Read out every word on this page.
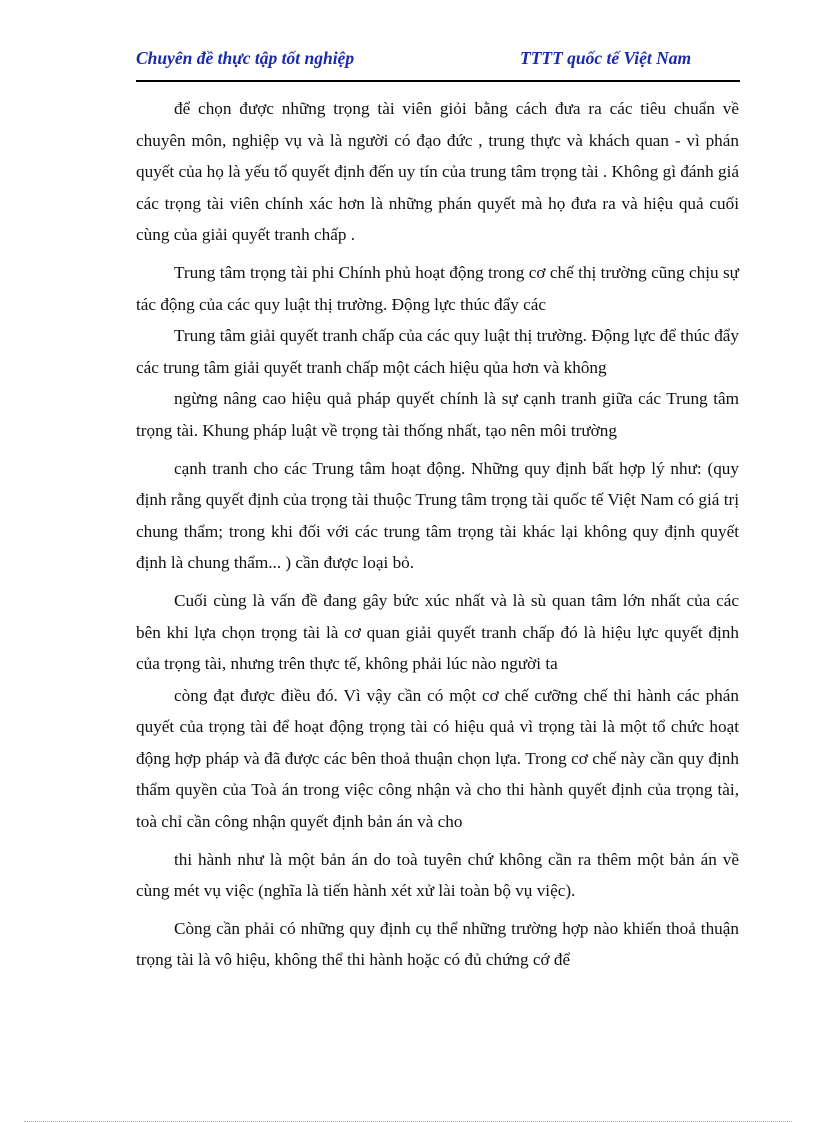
Chuyên đề thực tập tốt nghiệp	TTTT quốc tế Việt Nam

để chọn được những trọng tài viên giỏi bằng cách đưa ra các tiêu chuẩn về chuyên môn, nghiệp vụ và là người có đạo đức , trung thực và khách quan - vì phán quyết của họ là yếu tố quyết định đến uy tín của trung tâm trọng tài . Không gì đánh giá các trọng tài viên chính xác hơn là những phán quyết mà họ đưa ra và hiệu quả cuối cùng của giải quyết tranh chấp .

Trung tâm trọng tài phi Chính phủ hoạt động trong cơ chế thị trường cũng chịu sự tác động của các quy luật thị trường. Động lực thúc đẩy các

Trung tâm giải quyết tranh chấp của các quy luật thị trường. Động lực để thúc đẩy các trung tâm giải quyết tranh chấp một cách hiệu qủa hơn và không

ngừng nâng cao hiệu quả pháp quyết chính là sự cạnh tranh giữa các Trung tâm trọng tài. Khung pháp luật về trọng tài thống nhất, tạo nên môi trường

cạnh tranh cho các Trung tâm hoạt động. Những quy định bất hợp lý như: (quy định rằng quyết định của trọng tài thuộc Trung tâm trọng tài quốc tế Việt Nam có giá trị chung thẩm; trong khi đối với các trung tâm trọng tài khác lại không quy định quyết định là chung thẩm... ) cần được loại bỏ.

Cuối cùng là vấn đề đang gây bức xúc nhất và là sù quan tâm lớn nhất của các bên khi lựa chọn trọng tài là cơ quan giải quyết tranh chấp đó là hiệu lực quyết định của trọng tài, nhưng trên thực tế, không phải lúc nào người ta

còng đạt được điều đó. Vì vậy cần có một cơ chế cưỡng chế thi hành các phán quyết của trọng tài để hoạt động trọng tài có hiệu quả vì trọng tài là một tổ chức hoạt động hợp pháp và đã được các bên thoả thuận chọn lựa. Trong cơ chế này cần quy định thẩm quyền của Toà án trong việc công nhận và cho thi hành quyết định của trọng tài, toà chỉ cần công nhận quyết định bản án và cho

thi hành như là một bản án do toà tuyên chứ không cần ra thêm một bản án về cùng mét vụ việc (nghĩa là tiến hành xét xử lài toàn bộ vụ việc).

Còng cần phải có những quy định cụ thể những trường hợp nào khiến thoả thuận trọng tài là vô hiệu, không thể thi hành hoặc có đủ chứng cớ để
